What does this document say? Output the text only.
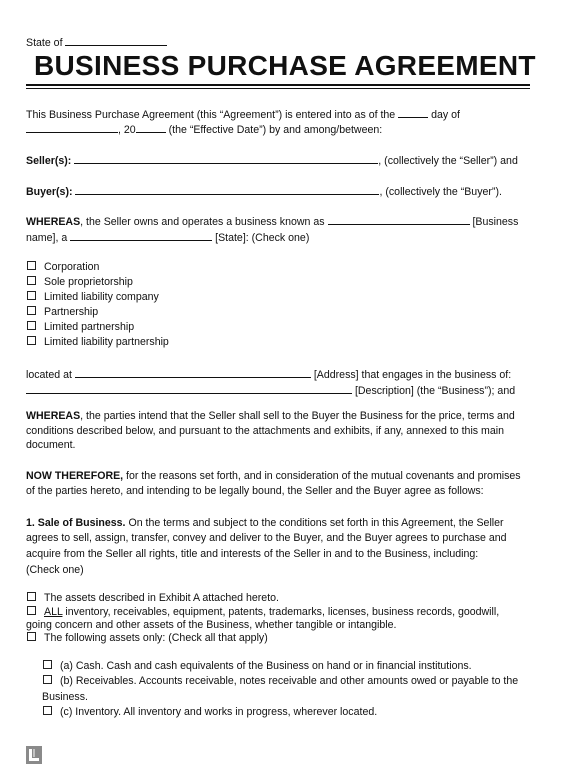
State of
BUSINESS PURCHASE AGREEMENT
This Business Purchase Agreement (this “Agreement”) is entered into as of the	day of
, 20	(the “Effective Date”) by and among/between:
Seller(s):	, (collectively the “Seller”) and
Buyer(s):	, (collectively the “Buyer”).
WHEREAS, the Seller owns and operates a business known as	[Business
name], a	[State]: (Check one)
Corporation
Sole proprietorship
Limited liability company
Partnership
Limited partnership
Limited liability partnership
located at	[Address] that engages in the business of:
[Description] (the “Business”); and
WHEREAS, the parties intend that the Seller shall sell to the Buyer the Business for the price, terms and
conditions described below, and pursuant to the attachments and exhibits, if any, annexed to this main
document.
NOW THEREFORE, for the reasons set forth, and in consideration of the mutual covenants and promises
of the parties hereto, and intending to be legally bound, the Seller and the Buyer agree as follows:
1. Sale of Business. On the terms and subject to the conditions set forth in this Agreement, the Seller
agrees to sell, assign, transfer, convey and deliver to the Buyer, and the Buyer agrees to purchase and
acquire from the Seller all rights, title and interests of the Seller in and to the Business, including:
(Check one)
The assets described in Exhibit A attached hereto.
ALL inventory, receivables, equipment, patents, trademarks, licenses, business records, goodwill,
going concern and other assets of the Business, whether tangible or intangible.
The following assets only: (Check all that apply)
(a) Cash. Cash and cash equivalents of the Business on hand or in financial institutions.
(b) Receivables. Accounts receivable, notes receivable and other amounts owed or payable to the
Business.
(c) Inventory. All inventory and works in progress, wherever located.
